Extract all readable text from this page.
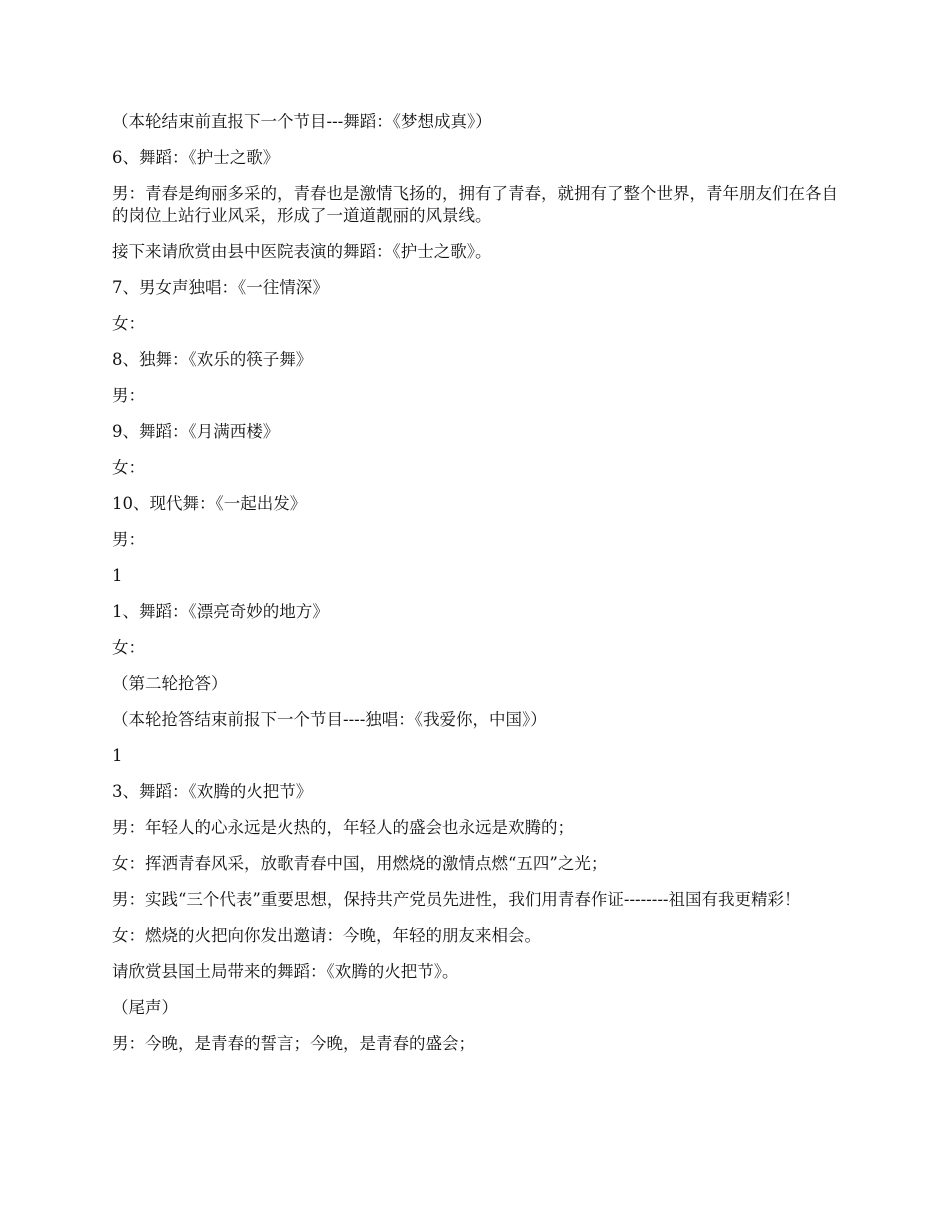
（本轮结束前直报下一个节目---舞蹈：《梦想成真》）

6、舞蹈：《护士之歌》

男：青春是绚丽多采的，青春也是激情飞扬的，拥有了青春，就拥有了整个世界，青年朋友们在各自的岗位上站行业风采，形成了一道道靓丽的风景线。

接下来请欣赏由县中医院表演的舞蹈：《护士之歌》。

7、男女声独唱：《一往情深》

女：

8、独舞：《欢乐的筷子舞》

男：

9、舞蹈：《月满西楼》

女：

10、现代舞：《一起出发》

男：

1

1、舞蹈：《漂亮奇妙的地方》

女：

（第二轮抢答）

（本轮抢答结束前报下一个节目----独唱：《我爱你，中国》）

1

3、舞蹈：《欢腾的火把节》

男：年轻人的心永远是火热的，年轻人的盛会也永远是欢腾的；

女：挥洒青春风采，放歌青春中国，用燃烧的激情点燃“五四”之光；

男：实践“三个代表”重要思想，保持共产党员先进性，我们用青春作证--------祖国有我更精彩！

女：燃烧的火把向你发出邀请：今晚，年轻的朋友来相会。

请欣赏县国土局带来的舞蹈：《欢腾的火把节》。

（尾声）

男：今晚，是青春的誓言；今晚，是青春的盛会；
